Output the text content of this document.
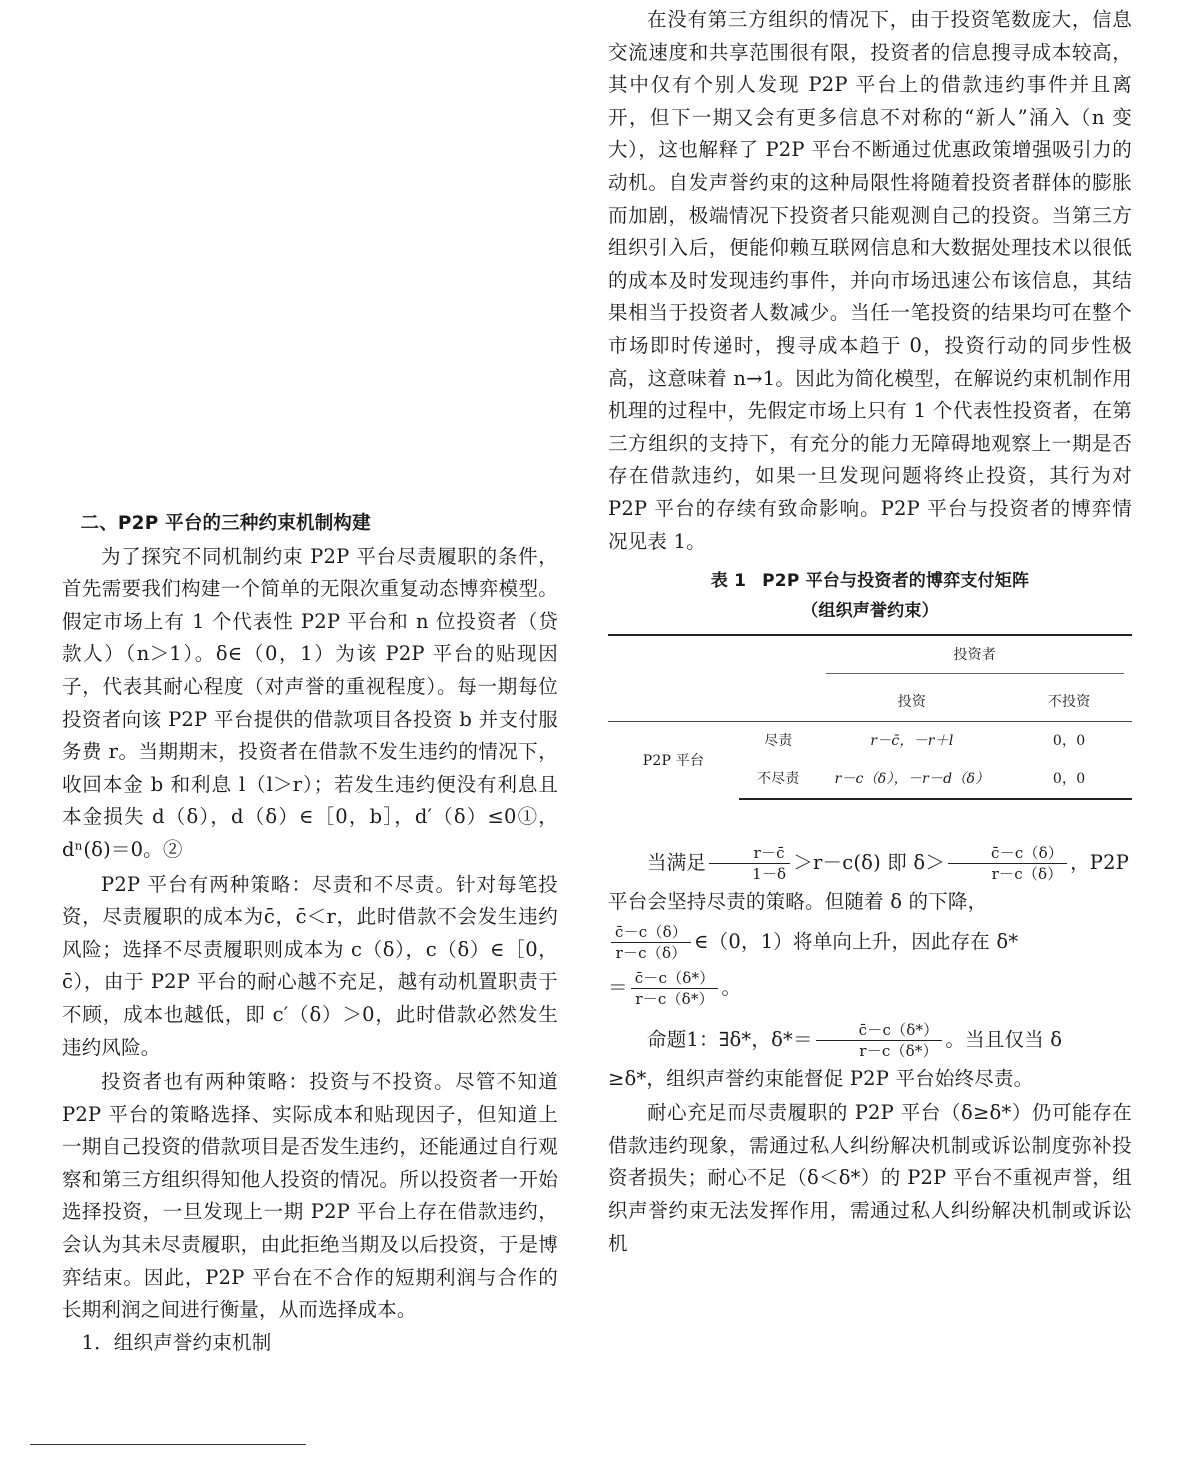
二、P2P 平台的三种约束机制构建

为了探究不同机制约束 P2P 平台尽责履职的条件，首先需要我们构建一个简单的无限次重复动态博弈模型。假定市场上有 1 个代表性 P2P 平台和 n 位投资者（贷款人）（n＞1）。δ∈（0，1）为该 P2P 平台的贴现因子，代表其耐心程度（对声誉的重视程度）。每一期每位投资者向该 P2P 平台提供的借款项目各投资 b 并支付服务费 r。当期期末，投资者在借款不发生违约的情况下，收回本金 b 和利息 l（l＞r）；若发生违约便没有利息且本金损失 d（δ），d（δ）∈［0，b］，d′（δ）≤0①，dⁿ(δ)＝0。②

P2P 平台有两种策略：尽责和不尽责。针对每笔投资，尽责履职的成本为c̄，c̄＜r，此时借款不会发生违约风险；选择不尽责履职则成本为 c（δ），c（δ）∈［0，c̄），由于 P2P 平台的耐心越不充足，越有动机置职责于不顾，成本也越低，即 c′（δ）＞0，此时借款必然发生违约风险。

投资者也有两种策略：投资与不投资。尽管不知道 P2P 平台的策略选择、实际成本和贴现因子，但知道上一期自己投资的借款项目是否发生违约，还能通过自行观察和第三方组织得知他人投资的情况。所以投资者一开始选择投资，一旦发现上一期 P2P 平台上存在借款违约，会认为其未尽责履职，由此拒绝当期及以后投资，于是博弈结束。因此，P2P 平台在不合作的短期利润与合作的长期利润之间进行衡量，从而选择成本。

1．组织声誉约束机制

在没有第三方组织的情况下，由于投资笔数庞大，信息交流速度和共享范围很有限，投资者的信息搜寻成本较高，其中仅有个别人发现 P2P 平台上的借款违约事件并且离开，但下一期又会有更多信息不对称的“新人”涌入（n 变大），这也解释了 P2P 平台不断通过优惠政策增强吸引力的动机。自发声誉约束的这种局限性将随着投资者群体的膨胀而加剧，极端情况下投资者只能观测自己的投资。当第三方组织引入后，便能仰赖互联网信息和大数据处理技术以很低的成本及时发现违约事件，并向市场迅速公布该信息，其结果相当于投资者人数减少。当任一笔投资的结果均可在整个市场即时传递时，搜寻成本趋于 0，投资行动的同步性极高，这意味着 n→1。因此为简化模型，在解说约束机制作用机理的过程中，先假定市场上只有 1 个代表性投资者，在第三方组织的支持下，有充分的能力无障碍地观察上一期是否存在借款违约，如果一旦发现问题将终止投资，其行为对 P2P 平台的存续有致命影响。P2P 平台与投资者的博弈情况见表 1。

表 1 P2P 平台与投资者的博弈支付矩阵
（组织声誉约束）

		投资者	

		投资	不投资
P2P 平台	尽责	r－c̄，－r＋l	0，0
	不尽责	r－c（δ），－r－d（δ）	0，0
当满足 $\frac{r-c̄}{1-\delta} >r-c(\delta)$ 即 $\delta> \frac{c̄-c(\delta)}{r-c(\delta)}$ ，P2P
平台会坚持尽责的策略。但随着 δ 的下降，
$\frac{c̄-c(\delta)}{r-c(\delta)}$ ∈（0，1）将单向上升，因此存在 δ*
＝ $\frac{c̄-c(\delta*)}{r-c(\delta*)}$ 。
命题1：∃δ*，$\delta*= \frac{c̄-c(\delta*)}{r-c(\delta*)}$ 。当且仅当 δ
≥δ*，组织声誉约束能督促 P2P 平台始终尽责。

耐心充足而尽责履职的 P2P 平台（δ≥δ*）仍可能存在借款违约现象，需通过私人纠纷解决机制或诉讼制度弥补投资者损失；耐心不足（δ＜δ*）的 P2P 平台不重视声誉，组织声誉约束无法发挥作用，需通过私人纠纷解决机制或诉讼机
